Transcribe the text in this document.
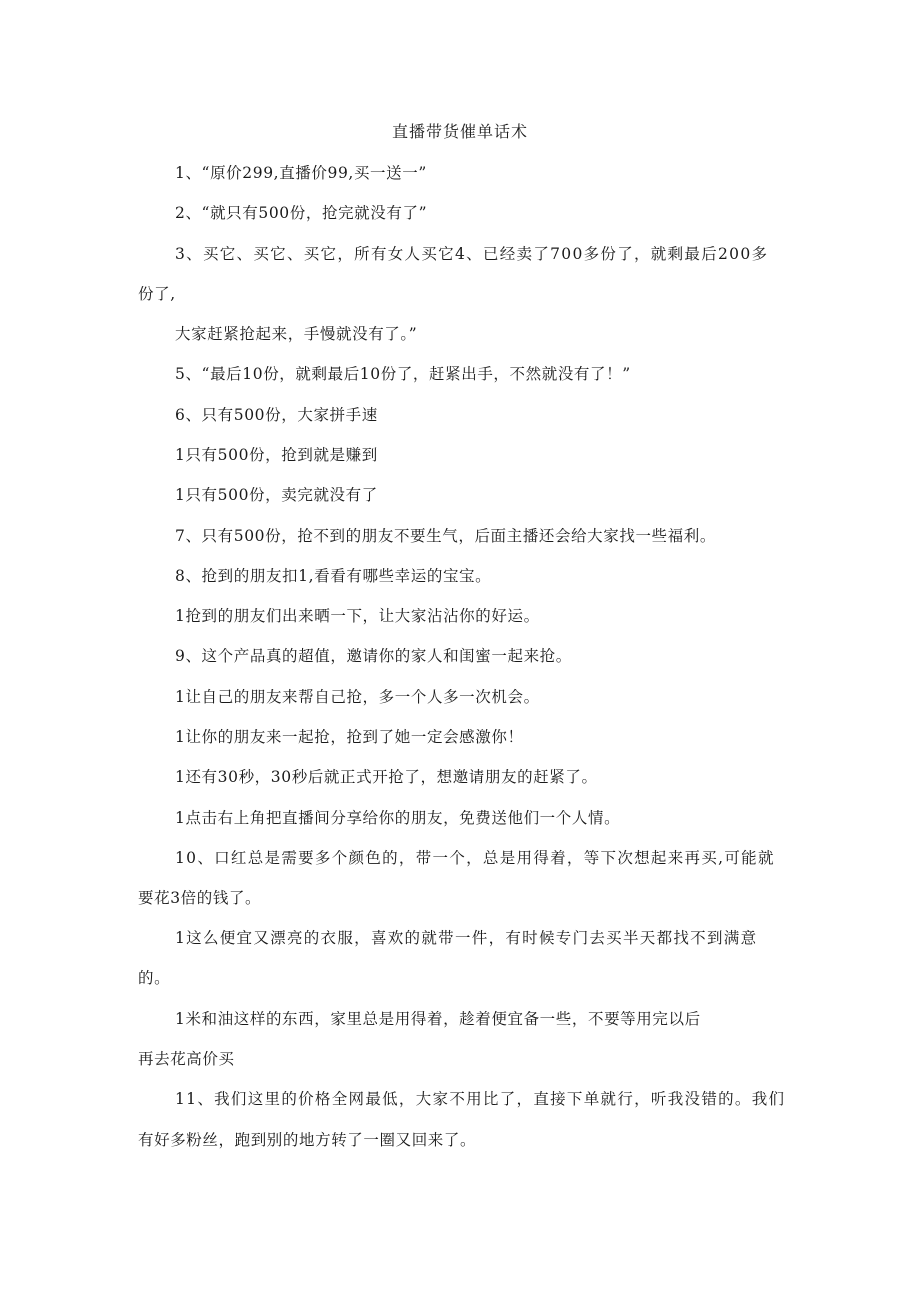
直播带货催单话术
1、“原价299,直播价99,买一送一”
2、“就只有500份，抢完就没有了”
3、买它、买它、买它，所有女人买它4、已经卖了700多份了，就剩最后200多
份了,
大家赶紧抢起来，手慢就没有了。”
5、“最后10份，就剩最后10份了，赶紧出手，不然就没有了！”
6、只有500份，大家拼手速
1只有500份，抢到就是赚到
1只有500份，卖完就没有了
7、只有500份，抢不到的朋友不要生气，后面主播还会给大家找一些福利。
8、抢到的朋友扣1,看看有哪些幸运的宝宝。
1抢到的朋友们出来晒一下，让大家沾沾你的好运。
9、这个产品真的超值，邀请你的家人和闺蜜一起来抢。
1让自己的朋友来帮自己抢，多一个人多一次机会。
1让你的朋友来一起抢，抢到了她一定会感激你！
1还有30秒，30秒后就正式开抢了，想邀请朋友的赶紧了。
1点击右上角把直播间分享给你的朋友，免费送他们一个人情。
10、口红总是需要多个颜色的，带一个，总是用得着，等下次想起来再买,可能就
要花3倍的钱了。
1这么便宜又漂亮的衣服，喜欢的就带一件，有时候专门去买半天都找不到满意
的。
1米和油这样的东西，家里总是用得着，趁着便宜备一些，不要等用完以后
再去花高价买
11、我们这里的价格全网最低，大家不用比了，直接下单就行，听我没错的。我们
有好多粉丝，跑到别的地方转了一圈又回来了。
